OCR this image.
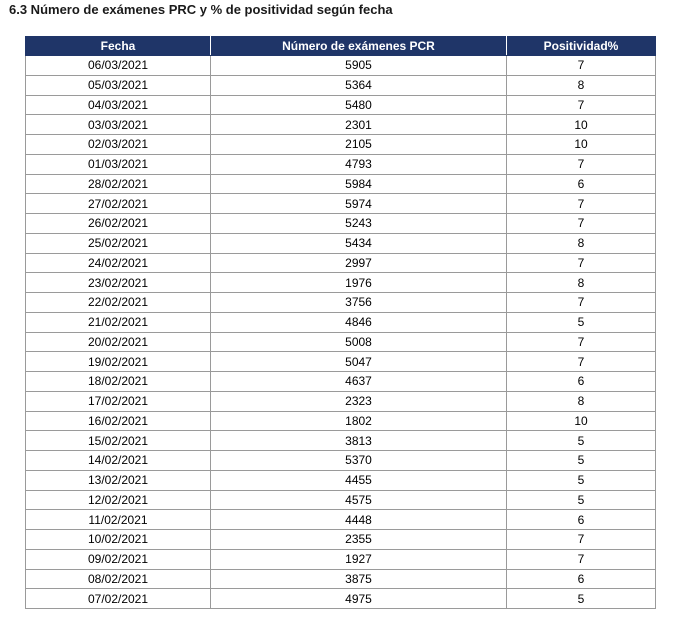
6.3 Número de exámenes PRC y % de positividad según fecha
Fecha	Número de exámenes PCR	Positividad%
06/03/2021	5905	7
05/03/2021	5364	8
04/03/2021	5480	7
03/03/2021	2301	10
02/03/2021	2105	10
01/03/2021	4793	7
28/02/2021	5984	6
27/02/2021	5974	7
26/02/2021	5243	7
25/02/2021	5434	8
24/02/2021	2997	7
23/02/2021	1976	8
22/02/2021	3756	7
21/02/2021	4846	5
20/02/2021	5008	7
19/02/2021	5047	7
18/02/2021	4637	6
17/02/2021	2323	8
16/02/2021	1802	10
15/02/2021	3813	5
14/02/2021	5370	5
13/02/2021	4455	5
12/02/2021	4575	5
11/02/2021	4448	6
10/02/2021	2355	7
09/02/2021	1927	7
08/02/2021	3875	6
07/02/2021	4975	5
